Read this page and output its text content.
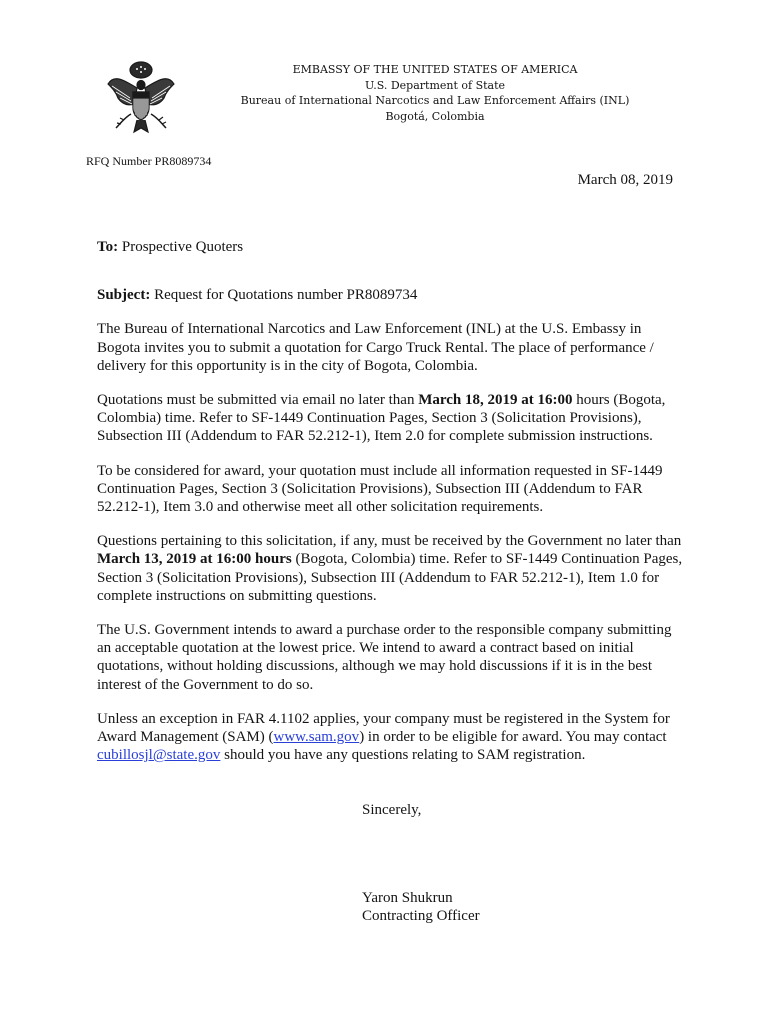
EMBASSY OF THE UNITED STATES OF AMERICA
U.S. Department of State
Bureau of International Narcotics and Law Enforcement Affairs (INL)
Bogotá, Colombia
RFQ Number PR8089734
March 08, 2019

To: Prospective Quoters

Subject: Request for Quotations number PR8089734

The Bureau of International Narcotics and Law Enforcement (INL) at the U.S. Embassy in Bogota invites you to submit a quotation for Cargo Truck Rental. The place of performance / delivery for this opportunity is in the city of Bogota, Colombia.

Quotations must be submitted via email no later than March 18, 2019 at 16:00 hours (Bogota, Colombia) time. Refer to SF-1449 Continuation Pages, Section 3 (Solicitation Provisions), Subsection III (Addendum to FAR 52.212-1), Item 2.0 for complete submission instructions.

To be considered for award, your quotation must include all information requested in SF-1449 Continuation Pages, Section 3 (Solicitation Provisions), Subsection III (Addendum to FAR 52.212-1), Item 3.0 and otherwise meet all other solicitation requirements.

Questions pertaining to this solicitation, if any, must be received by the Government no later than March 13, 2019 at 16:00 hours (Bogota, Colombia) time. Refer to SF-1449 Continuation Pages, Section 3 (Solicitation Provisions), Subsection III (Addendum to FAR 52.212-1), Item 1.0 for complete instructions on submitting questions.

The U.S. Government intends to award a purchase order to the responsible company submitting an acceptable quotation at the lowest price. We intend to award a contract based on initial quotations, without holding discussions, although we may hold discussions if it is in the best interest of the Government to do so.

Unless an exception in FAR 4.1102 applies, your company must be registered in the System for Award Management (SAM) (www.sam.gov) in order to be eligible for award. You may contact cubillosjl@state.gov should you have any questions relating to SAM registration.

Sincerely,
Yaron Shukrun
Contracting Officer
